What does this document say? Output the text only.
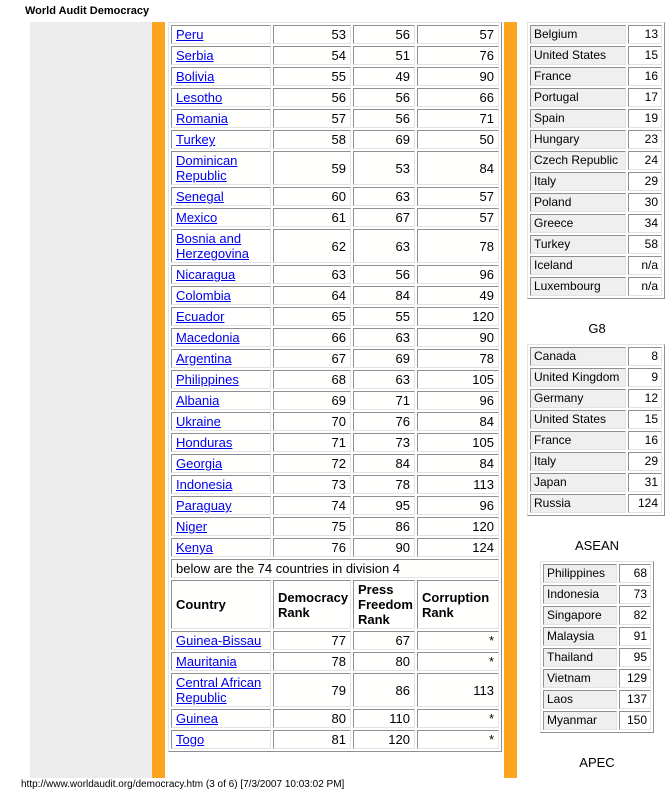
World Audit Democracy
Peru	53	56	57
Serbia	54	51	76
Bolivia	55	49	90
Lesotho	56	56	66
Romania	57	56	71
Turkey	58	69	50
Dominican Republic	59	53	84
Senegal	60	63	57
Mexico	61	67	57
Bosnia and Herzegovina	62	63	78
Nicaragua	63	56	96
Colombia	64	84	49
Ecuador	65	55	120
Macedonia	66	63	90
Argentina	67	69	78
Philippines	68	63	105
Albania	69	71	96
Ukraine	70	76	84
Honduras	71	73	105
Georgia	72	84	84
Indonesia	73	78	113
Paraguay	74	95	96
Niger	75	86	120
Kenya	76	90	124
below are the 74 countries in division 4			
Country	Democracy Rank	Press Freedom Rank	Corruption Rank
Guinea-Bissau	77	67	*
Mauritania	78	80	*
Central African Republic	79	86	113
Guinea	80	110	*
Togo	81	120	*
Belgium	13
United States	15
France	16
Portugal	17
Spain	19
Hungary	23
Czech Republic	24
Italy	29
Poland	30
Greece	34
Turkey	58
Iceland	n/a
Luxembourg	n/a
G8
Canada	8
United Kingdom	9
Germany	12
United States	15
France	16
Italy	29
Japan	31
Russia	124
ASEAN
Philippines	68
Indonesia	73
Singapore	82
Malaysia	91
Thailand	95
Vietnam	129
Laos	137
Myanmar	150
APEC
http://www.worldaudit.org/democracy.htm (3 of 6) [7/3/2007 10:03:02 PM]
